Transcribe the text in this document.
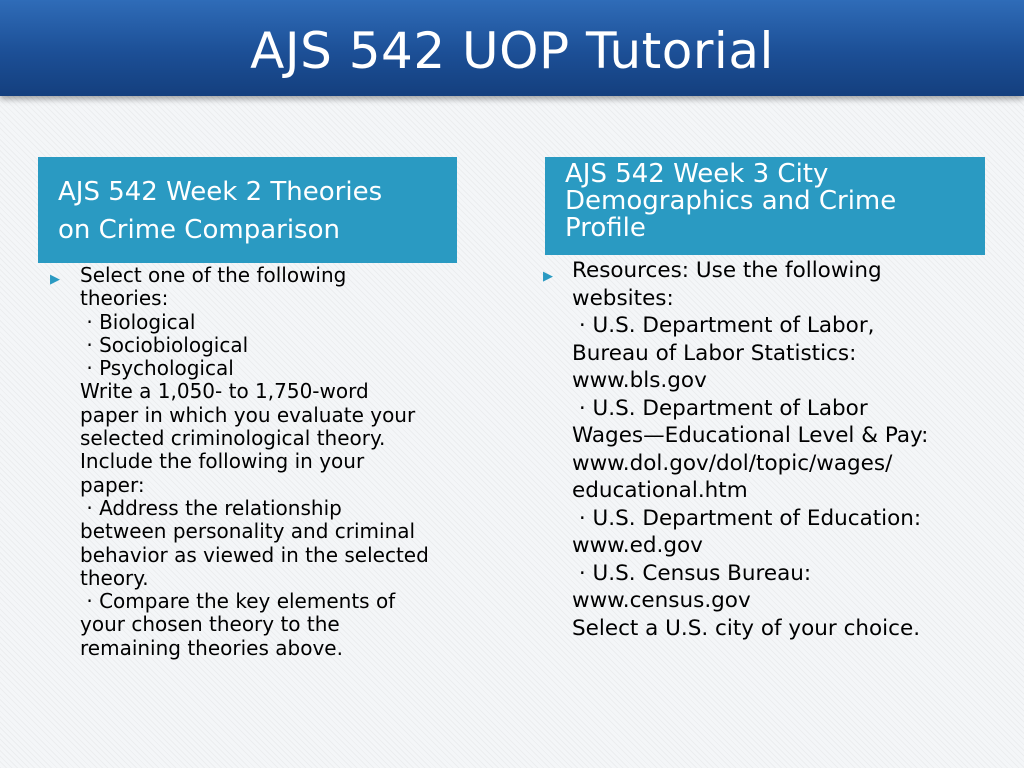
AJS 542 UOP Tutorial
AJS 542 Week 2 Theories
on Crime Comparison
AJS 542 Week 3 City
Demographics and Crime
Profile
▶ Select one of the following
theories:
· Biological
· Sociobiological
· Psychological
Write a 1,050- to 1,750-word
paper in which you evaluate your
selected criminological theory.
Include the following in your
paper:
· Address the relationship
between personality and criminal
behavior as viewed in the selected
theory.
· Compare the key elements of
your chosen theory to the
remaining theories above.
▶ Resources: Use the following
websites:
· U.S. Department of Labor,
Bureau of Labor Statistics:
www.bls.gov
· U.S. Department of Labor
Wages—Educational Level & Pay:
www.dol.gov/dol/topic/wages/
educational.htm
· U.S. Department of Education:
www.ed.gov
· U.S. Census Bureau:
www.census.gov
Select a U.S. city of your choice.
